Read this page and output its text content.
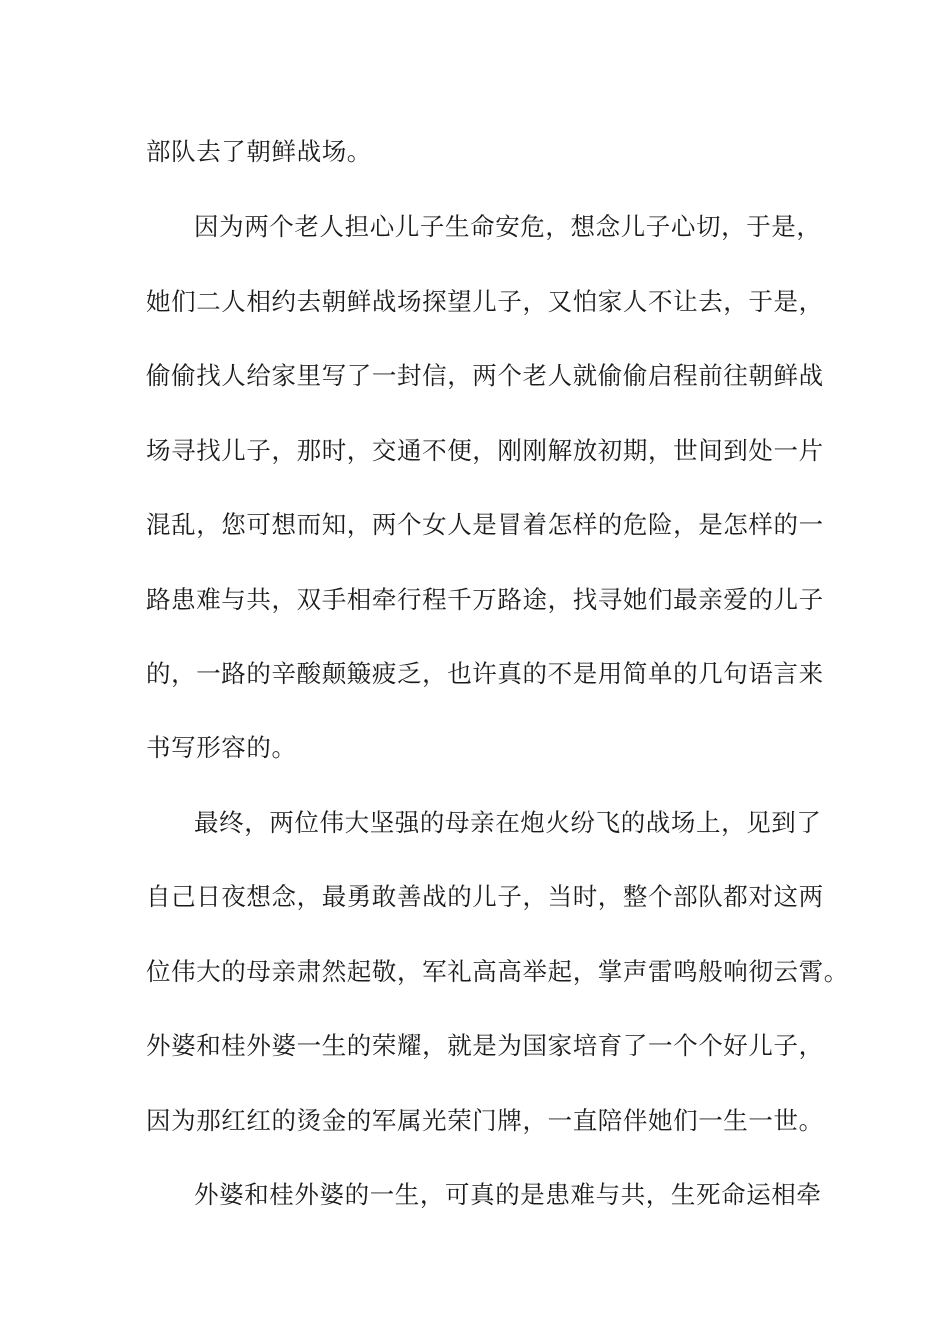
部队去了朝鲜战场。
因为两个老人担心儿子生命安危，想念儿子心切，于是，
她们二人相约去朝鲜战场探望儿子，又怕家人不让去，于是，
偷偷找人给家里写了一封信，两个老人就偷偷启程前往朝鲜战
场寻找儿子，那时，交通不便，刚刚解放初期，世间到处一片
混乱，您可想而知，两个女人是冒着怎样的危险，是怎样的一
路患难与共，双手相牵行程千万路途，找寻她们最亲爱的儿子
的，一路的辛酸颠簸疲乏，也许真的不是用简单的几句语言来
书写形容的。
最终，两位伟大坚强的母亲在炮火纷飞的战场上，见到了
自己日夜想念，最勇敢善战的儿子，当时，整个部队都对这两
位伟大的母亲肃然起敬，军礼高高举起，掌声雷鸣般响彻云霄。
外婆和桂外婆一生的荣耀，就是为国家培育了一个个好儿子，
因为那红红的烫金的军属光荣门牌，一直陪伴她们一生一世。
外婆和桂外婆的一生，可真的是患难与共，生死命运相牵
